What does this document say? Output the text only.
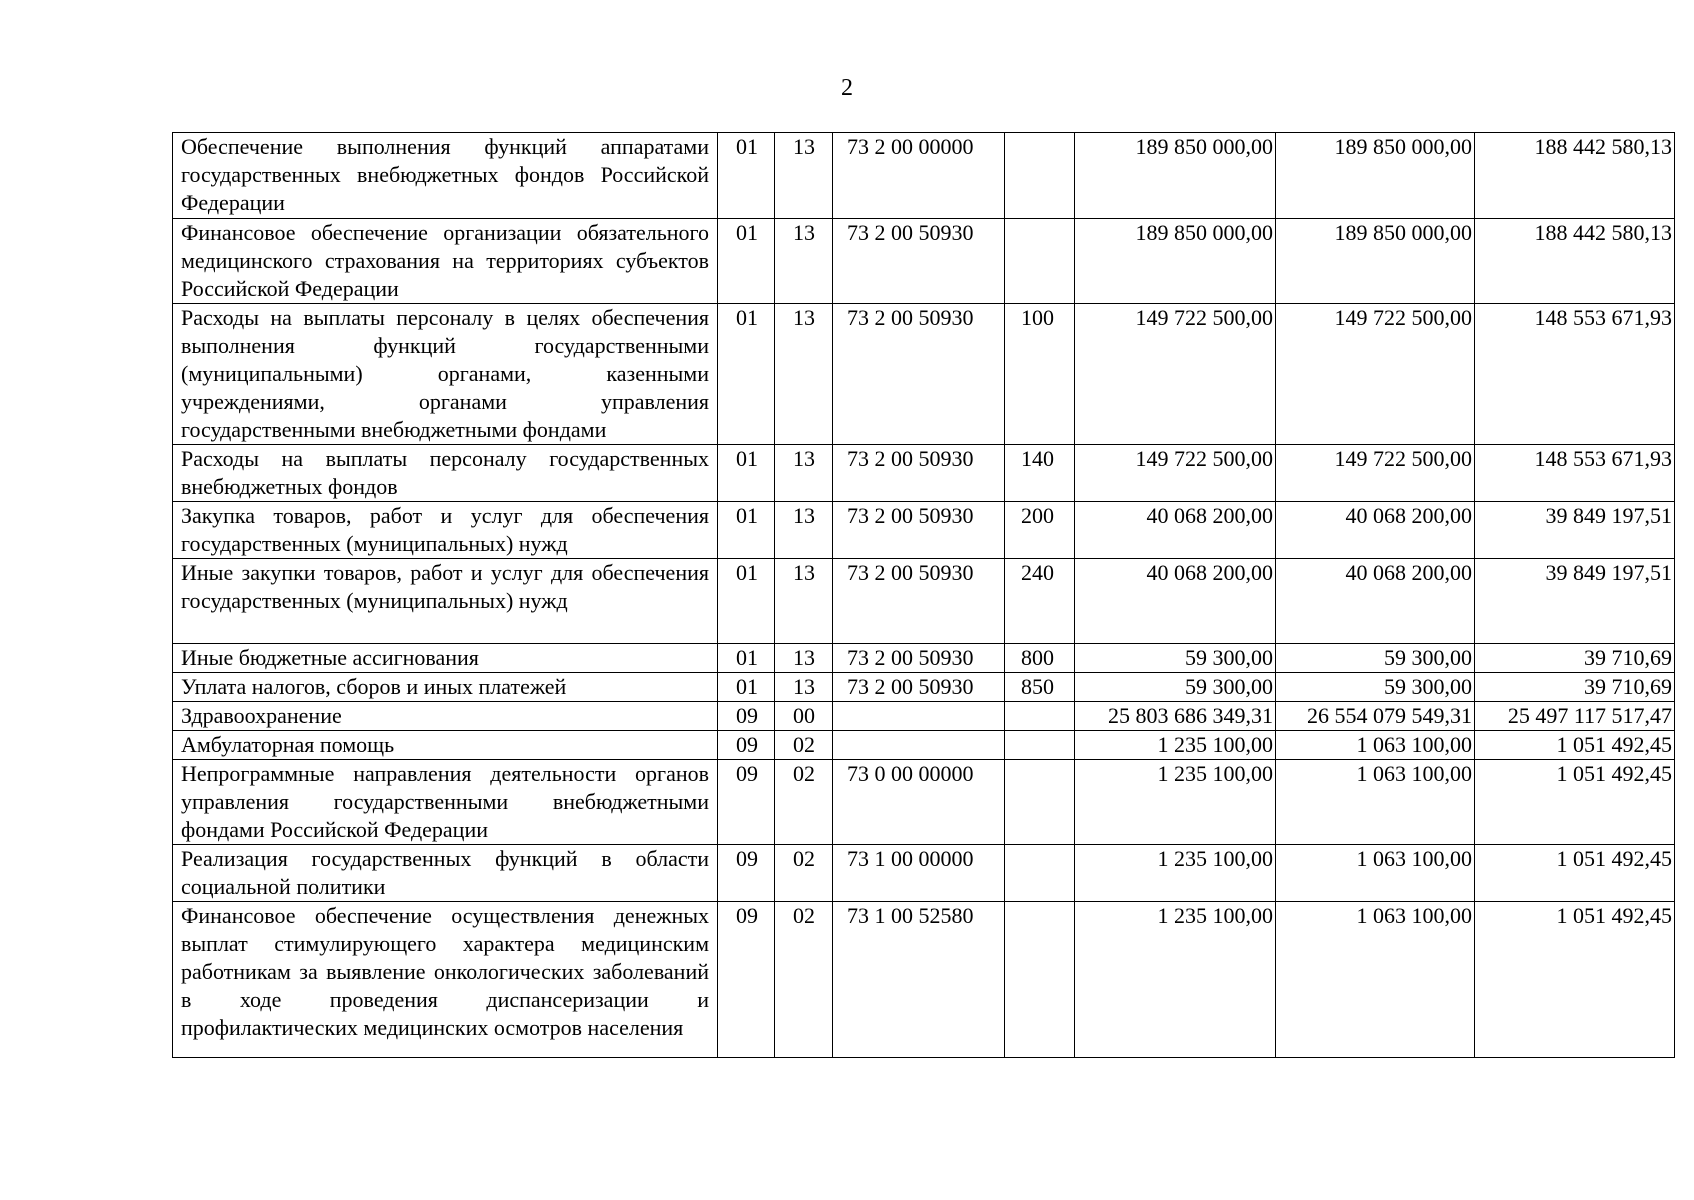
2
Обеспечение выполнения функций аппаратами государственных внебюджетных фондов Российской Федерации	01	13	73 2 00 00000		189 850 000,00	189 850 000,00	188 442 580,13
Финансовое обеспечение организации обязательного медицинского страхования на территориях субъектов Российской Федерации	01	13	73 2 00 50930		189 850 000,00	189 850 000,00	188 442 580,13
Расходы на выплаты персоналу в целях обеспечения выполнения функций государственными (муниципальными) органами, казенными учреждениями, органами управления государственными внебюджетными фондами	01	13	73 2 00 50930	100	149 722 500,00	149 722 500,00	148 553 671,93
Расходы на выплаты персоналу государственных внебюджетных фондов	01	13	73 2 00 50930	140	149 722 500,00	149 722 500,00	148 553 671,93
Закупка товаров, работ и услуг для обеспечения государственных (муниципальных) нужд	01	13	73 2 00 50930	200	40 068 200,00	40 068 200,00	39 849 197,51
Иные закупки товаров, работ и услуг для обеспечения государственных (муниципальных) нужд	01	13	73 2 00 50930	240	40 068 200,00	40 068 200,00	39 849 197,51
Иные бюджетные ассигнования	01	13	73 2 00 50930	800	59 300,00	59 300,00	39 710,69
Уплата налогов, сборов и иных платежей	01	13	73 2 00 50930	850	59 300,00	59 300,00	39 710,69
Здравоохранение	09	00			25 803 686 349,31	26 554 079 549,31	25 497 117 517,47
Амбулаторная помощь	09	02			1 235 100,00	1 063 100,00	1 051 492,45
Непрограммные направления деятельности органов управления государственными внебюджетными фондами Российской Федерации	09	02	73 0 00 00000		1 235 100,00	1 063 100,00	1 051 492,45
Реализация государственных функций в области социальной политики	09	02	73 1 00 00000		1 235 100,00	1 063 100,00	1 051 492,45
Финансовое обеспечение осуществления денежных выплат стимулирующего характера медицинским работникам за выявление онкологических заболеваний в ходе проведения диспансеризации и профилактических медицинских осмотров населения	09	02	73 1 00 52580		1 235 100,00	1 063 100,00	1 051 492,45
